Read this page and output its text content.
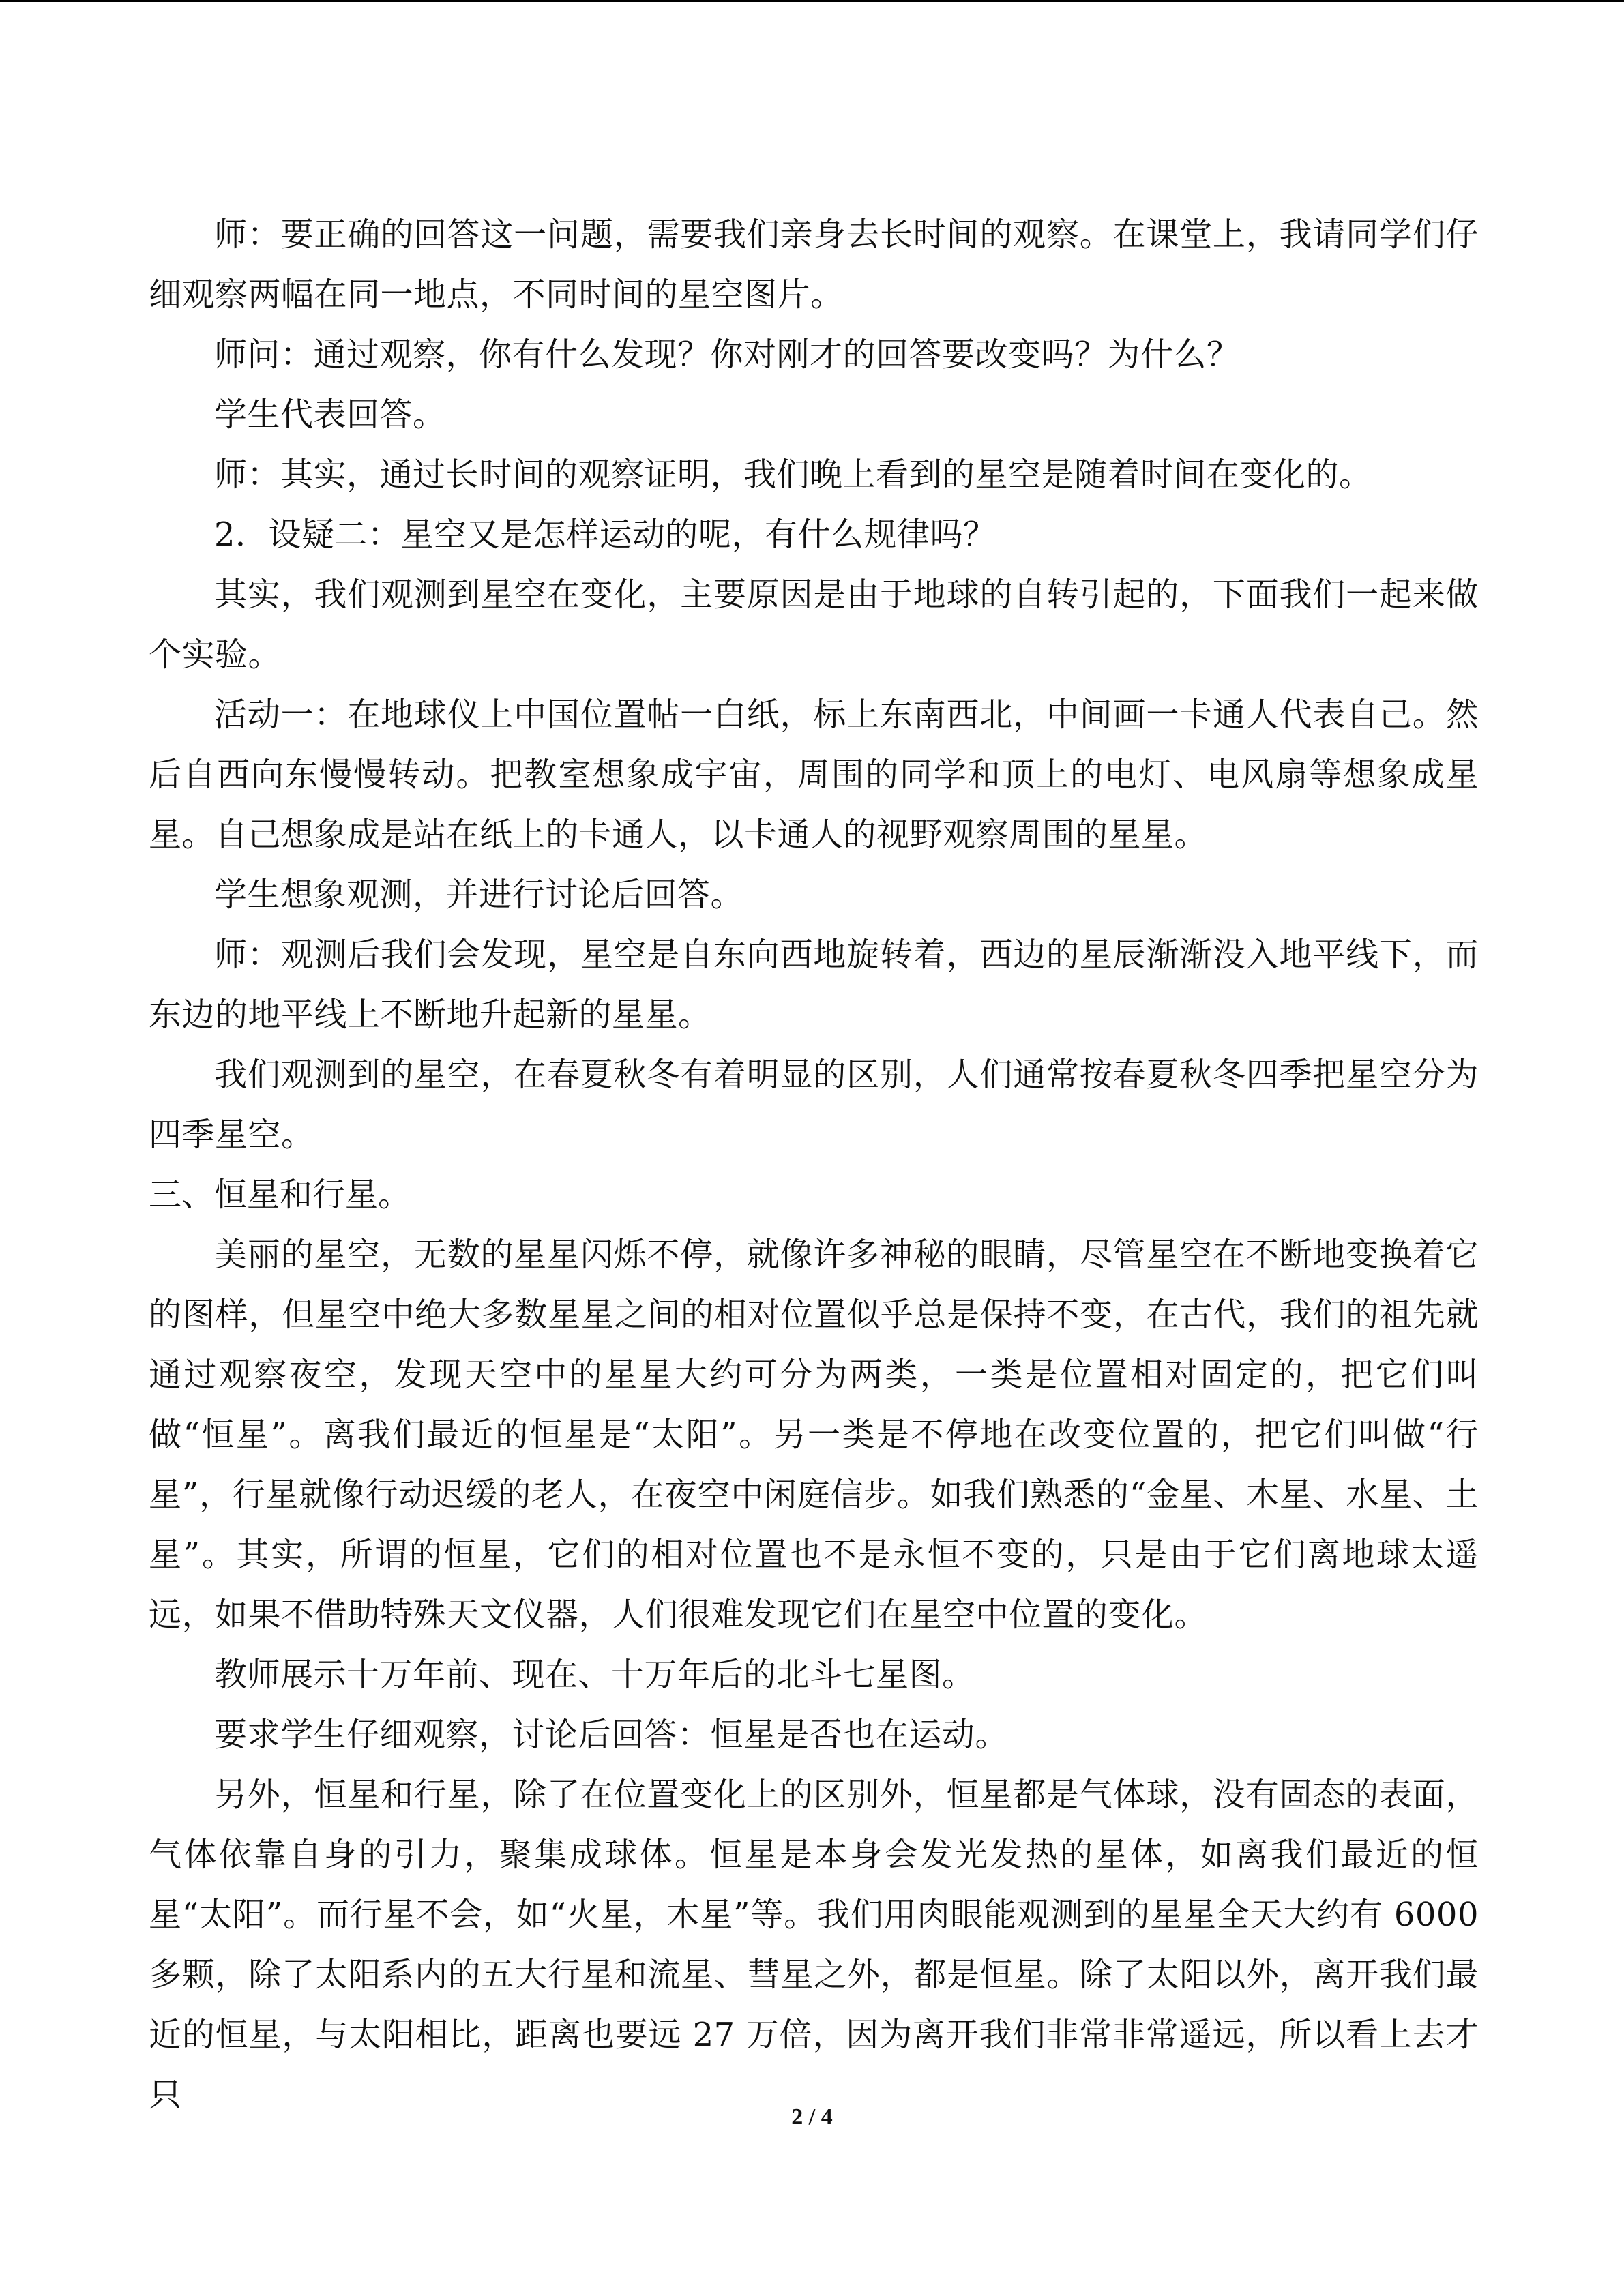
师：要正确的回答这一问题，需要我们亲身去长时间的观察。在课堂上，我请同学们仔细观察两幅在同一地点，不同时间的星空图片。

师问：通过观察，你有什么发现？你对刚才的回答要改变吗？为什么？

学生代表回答。

师：其实，通过长时间的观察证明，我们晚上看到的星空是随着时间在变化的。

2．设疑二：星空又是怎样运动的呢，有什么规律吗？

其实，我们观测到星空在变化，主要原因是由于地球的自转引起的，下面我们一起来做个实验。

活动一：在地球仪上中国位置帖一白纸，标上东南西北，中间画一卡通人代表自己。然后自西向东慢慢转动。把教室想象成宇宙，周围的同学和顶上的电灯、电风扇等想象成星星。自己想象成是站在纸上的卡通人，以卡通人的视野观察周围的星星。

学生想象观测，并进行讨论后回答。

师：观测后我们会发现，星空是自东向西地旋转着，西边的星辰渐渐没入地平线下，而东边的地平线上不断地升起新的星星。

我们观测到的星空，在春夏秋冬有着明显的区别，人们通常按春夏秋冬四季把星空分为四季星空。

三、恒星和行星。

美丽的星空，无数的星星闪烁不停，就像许多神秘的眼睛，尽管星空在不断地变换着它的图样，但星空中绝大多数星星之间的相对位置似乎总是保持不变，在古代，我们的祖先就通过观察夜空，发现天空中的星星大约可分为两类，一类是位置相对固定的，把它们叫做“恒星”。离我们最近的恒星是“太阳”。另一类是不停地在改变位置的，把它们叫做“行星”，行星就像行动迟缓的老人，在夜空中闲庭信步。如我们熟悉的“金星、木星、水星、土星”。其实，所谓的恒星，它们的相对位置也不是永恒不变的，只是由于它们离地球太遥远，如果不借助特殊天文仪器，人们很难发现它们在星空中位置的变化。

教师展示十万年前、现在、十万年后的北斗七星图。

要求学生仔细观察，讨论后回答：恒星是否也在运动。

另外，恒星和行星，除了在位置变化上的区别外，恒星都是气体球，没有固态的表面，气体依靠自身的引力，聚集成球体。恒星是本身会发光发热的星体，如离我们最近的恒星“太阳”。而行星不会，如“火星，木星”等。我们用肉眼能观测到的星星全天大约有 6000 多颗，除了太阳系内的五大行星和流星、彗星之外，都是恒星。除了太阳以外，离开我们最近的恒星，与太阳相比，距离也要远 27 万倍，因为离开我们非常非常遥远，所以看上去才只

2 / 4
